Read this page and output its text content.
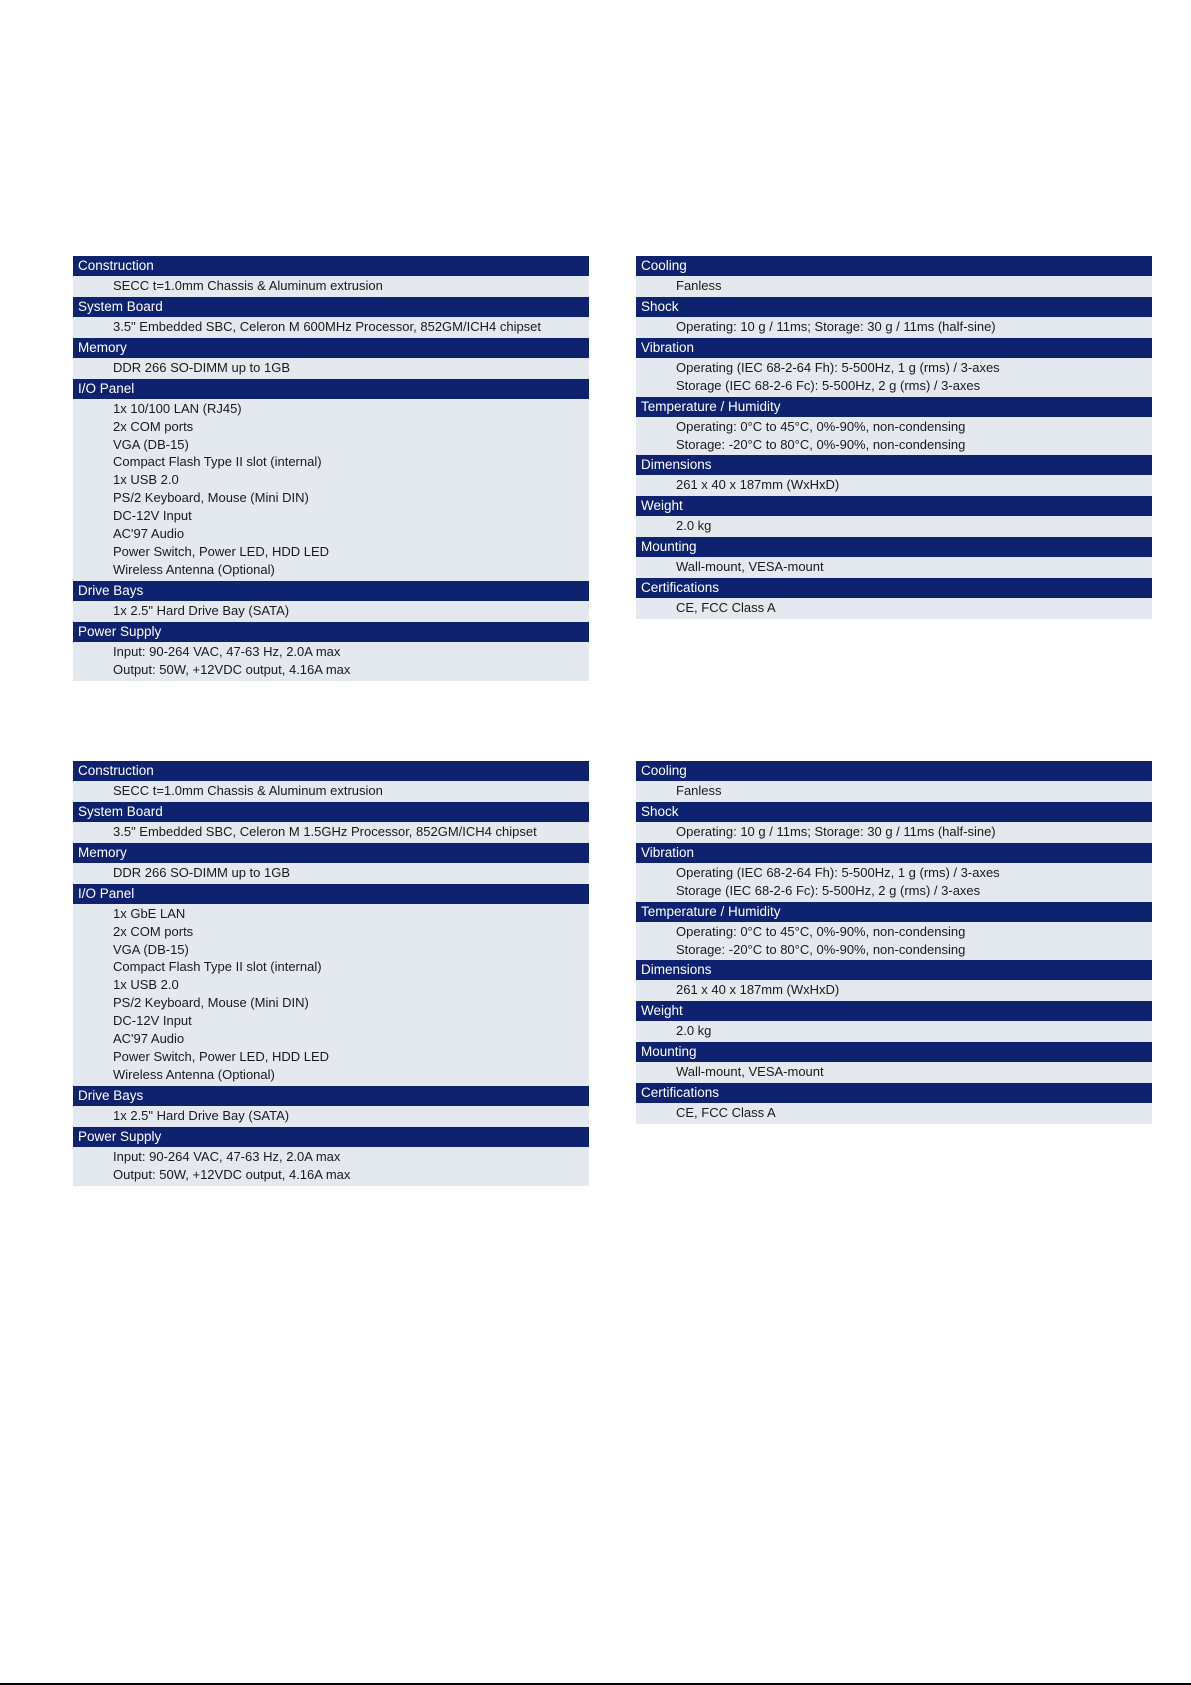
Construction
SECC t=1.0mm Chassis & Aluminum extrusion
System Board
3.5" Embedded SBC, Celeron M 600MHz Processor, 852GM/ICH4 chipset
Memory
DDR 266 SO-DIMM up to 1GB
I/O Panel
1x 10/100 LAN (RJ45)
2x COM ports
VGA (DB-15)
Compact Flash Type II slot (internal)
1x USB 2.0
PS/2 Keyboard, Mouse (Mini DIN)
DC-12V Input
AC'97 Audio
Power Switch, Power LED, HDD LED
Wireless Antenna (Optional)
Drive Bays
1x 2.5" Hard Drive Bay (SATA)
Power Supply
Input: 90-264 VAC, 47-63 Hz, 2.0A max
Output: 50W, +12VDC output, 4.16A max
Cooling
Fanless
Shock
Operating: 10 g / 11ms; Storage: 30 g / 11ms (half-sine)
Vibration
Operating (IEC 68-2-64 Fh): 5-500Hz, 1 g (rms) / 3-axes
Storage (IEC 68-2-6 Fc): 5-500Hz, 2 g (rms) / 3-axes
Temperature / Humidity
Operating: 0°C to 45°C, 0%-90%, non-condensing
Storage: -20°C to 80°C, 0%-90%, non-condensing
Dimensions
261 x 40 x 187mm (WxHxD)
Weight
2.0 kg
Mounting
Wall-mount, VESA-mount
Certifications
CE, FCC Class A
Construction
SECC t=1.0mm Chassis & Aluminum extrusion
System Board
3.5" Embedded SBC, Celeron M 1.5GHz Processor, 852GM/ICH4 chipset
Memory
DDR 266 SO-DIMM up to 1GB
I/O Panel
1x GbE LAN
2x COM ports
VGA (DB-15)
Compact Flash Type II slot (internal)
1x USB 2.0
PS/2 Keyboard, Mouse (Mini DIN)
DC-12V Input
AC'97 Audio
Power Switch, Power LED, HDD LED
Wireless Antenna (Optional)
Drive Bays
1x 2.5" Hard Drive Bay (SATA)
Power Supply
Input: 90-264 VAC, 47-63 Hz, 2.0A max
Output: 50W, +12VDC output, 4.16A max
Cooling
Fanless
Shock
Operating: 10 g / 11ms; Storage: 30 g / 11ms (half-sine)
Vibration
Operating (IEC 68-2-64 Fh): 5-500Hz, 1 g (rms) / 3-axes
Storage (IEC 68-2-6 Fc): 5-500Hz, 2 g (rms) / 3-axes
Temperature / Humidity
Operating: 0°C to 45°C, 0%-90%, non-condensing
Storage: -20°C to 80°C, 0%-90%, non-condensing
Dimensions
261 x 40 x 187mm (WxHxD)
Weight
2.0 kg
Mounting
Wall-mount, VESA-mount
Certifications
CE, FCC Class A
